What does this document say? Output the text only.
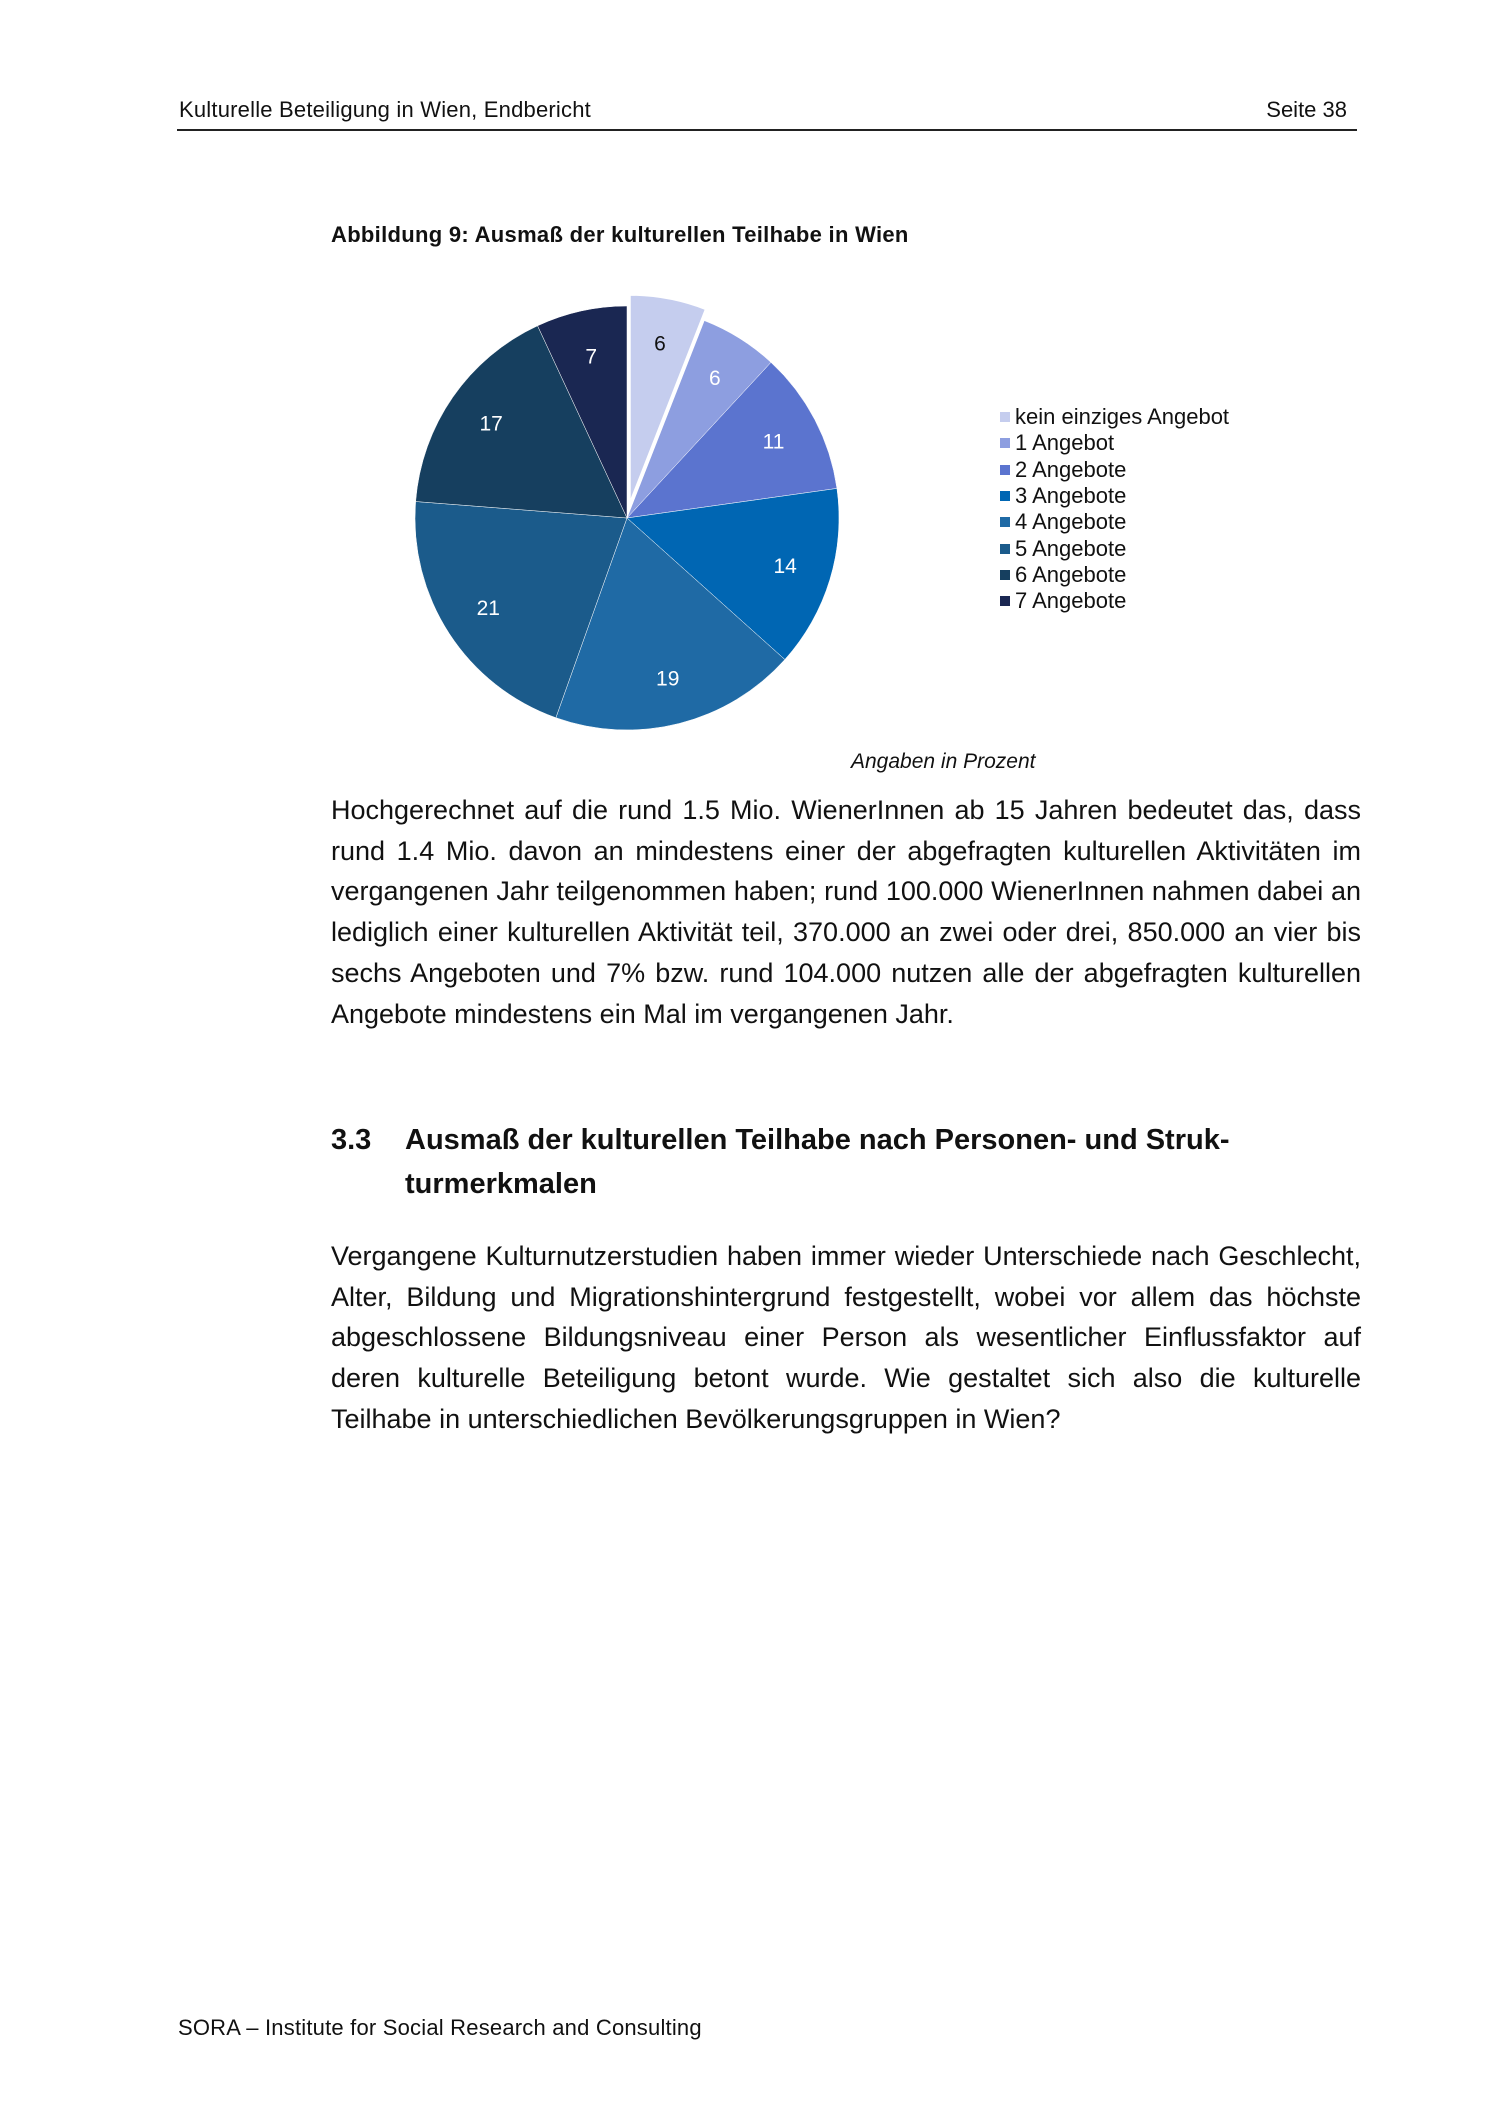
Kulturelle Beteiligung in Wien, Endbericht	Seite 38
Abbildung 9: Ausmaß der kulturellen Teilhabe in Wien
6
6
11
14
19
21
17
7
kein einziges Angebot
1 Angebot
2 Angebote
3 Angebote
4 Angebote
5 Angebote
6 Angebote
7 Angebote
Angaben in Prozent

Hochgerechnet auf die rund 1.5 Mio. WienerInnen ab 15 Jahren bedeutet das, dass rund 1.4 Mio. davon an mindestens einer der abgefragten kulturellen Aktivitäten im vergangenen Jahr teilgenommen haben; rund 100.000 WienerInnen nahmen dabei an lediglich einer kulturellen Aktivität teil, 370.000 an zwei oder drei, 850.000 an vier bis sechs Angeboten und 7% bzw. rund 104.000 nutzen alle der abgefragten kulturellen Angebote mindestens ein Mal im vergangenen Jahr.

3.3 Ausmaß der kulturellen Teilhabe nach Personen- und Strukturmerkmalen

Vergangene Kulturnutzerstudien haben immer wieder Unterschiede nach Geschlecht, Alter, Bildung und Migrationshintergrund festgestellt, wobei vor allem das höchste abgeschlossene Bildungsniveau einer Person als wesentlicher Einflussfaktor auf deren kulturelle Beteiligung betont wurde. Wie gestaltet sich also die kulturelle Teilhabe in unterschiedlichen Bevölkerungsgruppen in Wien?

SORA – Institute for Social Research and Consulting
